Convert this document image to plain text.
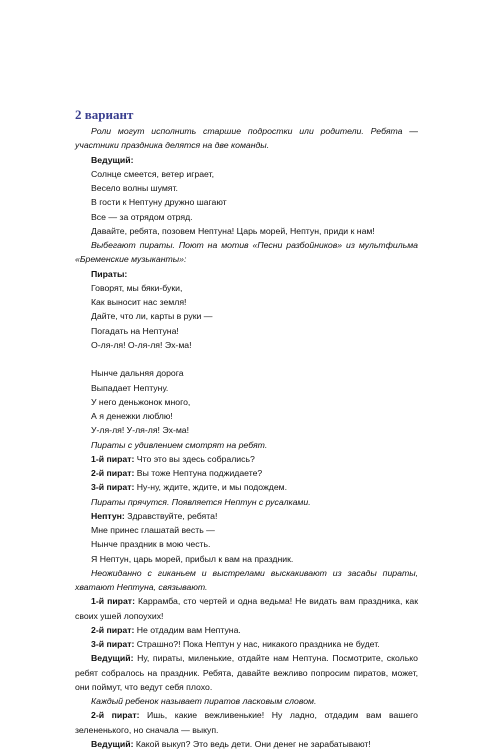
2 вариант

Роли могут исполнить старшие подростки или родители. Ребята —участники праздника делятся на две команды.

Ведущий:

Солнце смеется, ветер играет,

Весело волны шумят.

В гости к Нептуну дружно шагают

Все — за отрядом отряд.

Давайте, ребята, позовем Нептуна! Царь морей, Нептун, приди к нам!

Выбегают пираты. Поют на мотив «Песни разбойников» из мультфильма «Бременские музыканты»:

Пираты:

Говорят, мы бяки-буки,

Как выносит нас земля!

Дайте, что ли, карты в руки —

Погадать на Нептуна!

О-ля-ля! О-ля-ля! Эх-ма!

Нынче дальняя дорога

Выпадает Нептуну.

У него деньжонок много,

А я денежки люблю!

У-ля-ля! У-ля-ля! Эх-ма!

Пираты с удивлением смотрят на ребят.

1-й пират: Что это вы здесь собрались?

2-й пират: Вы тоже Нептуна поджидаете?

3-й пират: Ну-ну, ждите, ждите, и мы подождем.

Пираты прячутся. Появляется Нептун с русалками.

Нептун: Здравствуйте, ребята!

Мне принес глашатай весть —

Нынче праздник в мою честь.

Я Нептун, царь морей, прибыл к вам на праздник.

Неожиданно с гиканьем и выстрелами выскакивают из засады пираты, хватают Нептуна, связывают.

1-й пират: Каррамба, сто чертей и одна ведьма! Не видать вам праздника, как своих ушей лопоухих!

2-й пират: Не отдадим вам Нептуна.

3-й пират: Страшно?! Пока Нептун у нас, никакого праздника не будет.

Ведущий: Ну, пираты, миленькие, отдайте нам Нептуна. Посмотрите, сколько ребят собралось на праздник. Ребята, давайте вежливо попросим пиратов, может, они поймут, что ведут себя плохо.

Каждый ребенок называет пиратов ласковым словом.

2-й пират: Ишь, какие вежливенькие! Ну ладно, отдадим вам вашего зелененького, но сначала — выкуп.

Ведущий: Какой выкуп? Это ведь дети. Они денег не зарабатывают!
